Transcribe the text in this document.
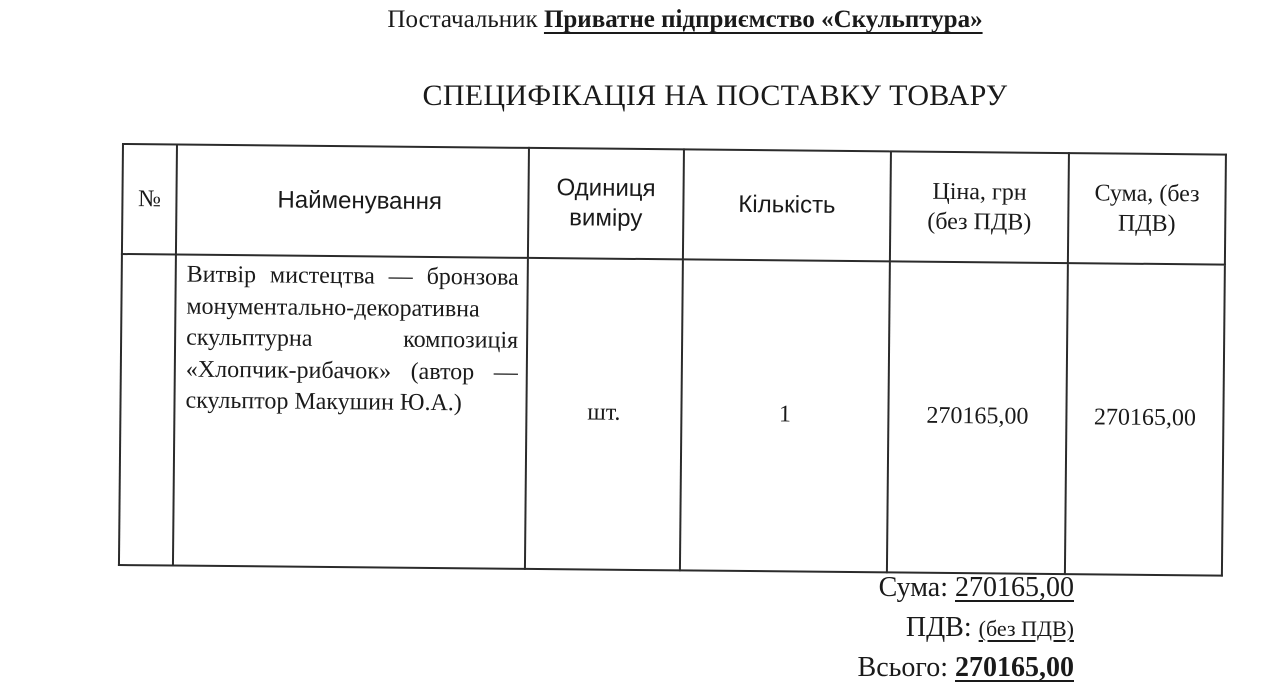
Постачальник Приватне підприємство «Скульптура»
СПЕЦИФІКАЦІЯ НА ПОСТАВКУ ТОВАРУ
№	Найменування	Одиниця виміру	Кількість	Ціна, грн (без ПДВ)	Сума, (без ПДВ)
	Витвір мистецтва — бронзова монументально-декоративна скульптурна композиція «Хлопчик-рибачок» (автор — скульптор Макушин Ю.А.)	шт.	1	270165,00	270165,00
Сума: 270165,00
ПДВ: (без ПДВ)
Всього: 270165,00
